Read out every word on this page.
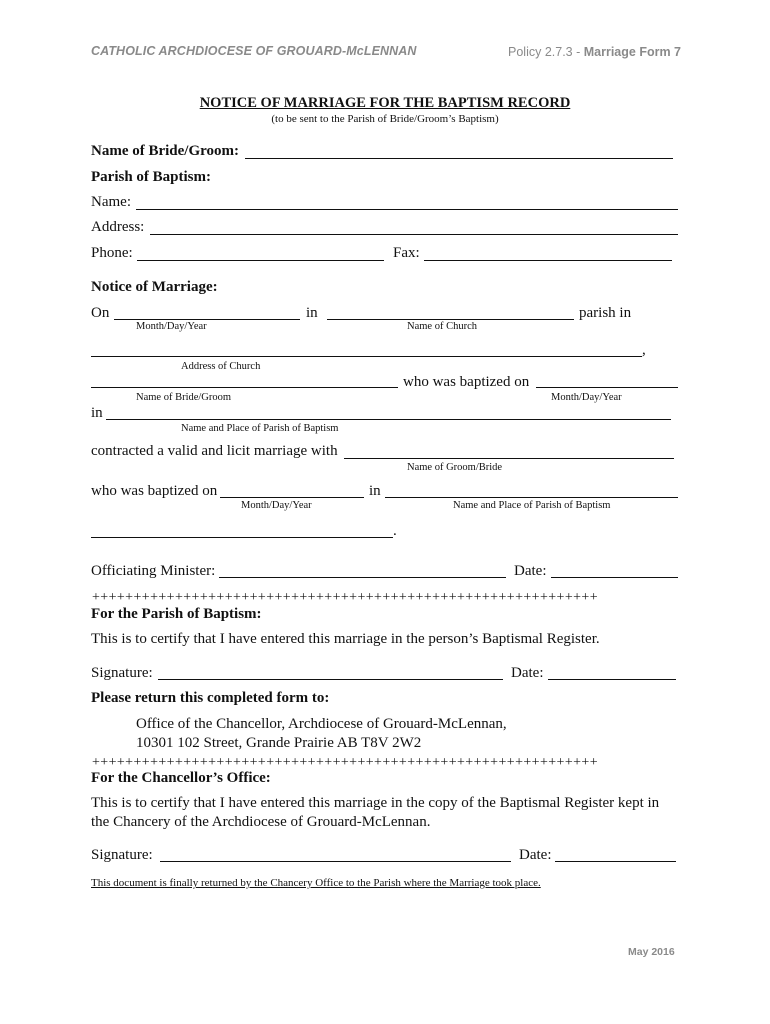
CATHOLIC ARCHDIOCESE OF GROUARD-McLENNAN	Policy 2.7.3 - Marriage Form 7
NOTICE OF MARRIAGE FOR THE BAPTISM RECORD
(to be sent to the Parish of Bride/Groom’s Baptism)
Name of Bride/Groom:
Parish of Baptism:
Name:
Address:
Phone:	Fax:
Notice of Marriage:
On	in	parish in
Month/Day/Year	Name of Church
,
Address of Church
who was baptized on
Name of Bride/Groom	Month/Day/Year
in
Name and Place of Parish of Baptism
contracted a valid and licit marriage with
Name of Groom/Bride
who was baptized on	in
Month/Day/Year	Name and Place of Parish of Baptism
.
Officiating Minister:	Date:
+++++++++++++++++++++++++++++++++++++++++++++++++++++++++++++
For the Parish of Baptism:
This is to certify that I have entered this marriage in the person’s Baptismal Register.
Signature:	Date:
Please return this completed form to:
Office of the Chancellor, Archdiocese of Grouard-McLennan,
10301 102 Street, Grande Prairie AB T8V 2W2
+++++++++++++++++++++++++++++++++++++++++++++++++++++++++++++
For the Chancellor’s Office:
This is to certify that I have entered this marriage in the copy of the Baptismal Register kept in
the Chancery of the Archdiocese of Grouard-McLennan.
Signature:	Date:
This document is finally returned by the Chancery Office to the Parish where the Marriage took place.
May 2016
